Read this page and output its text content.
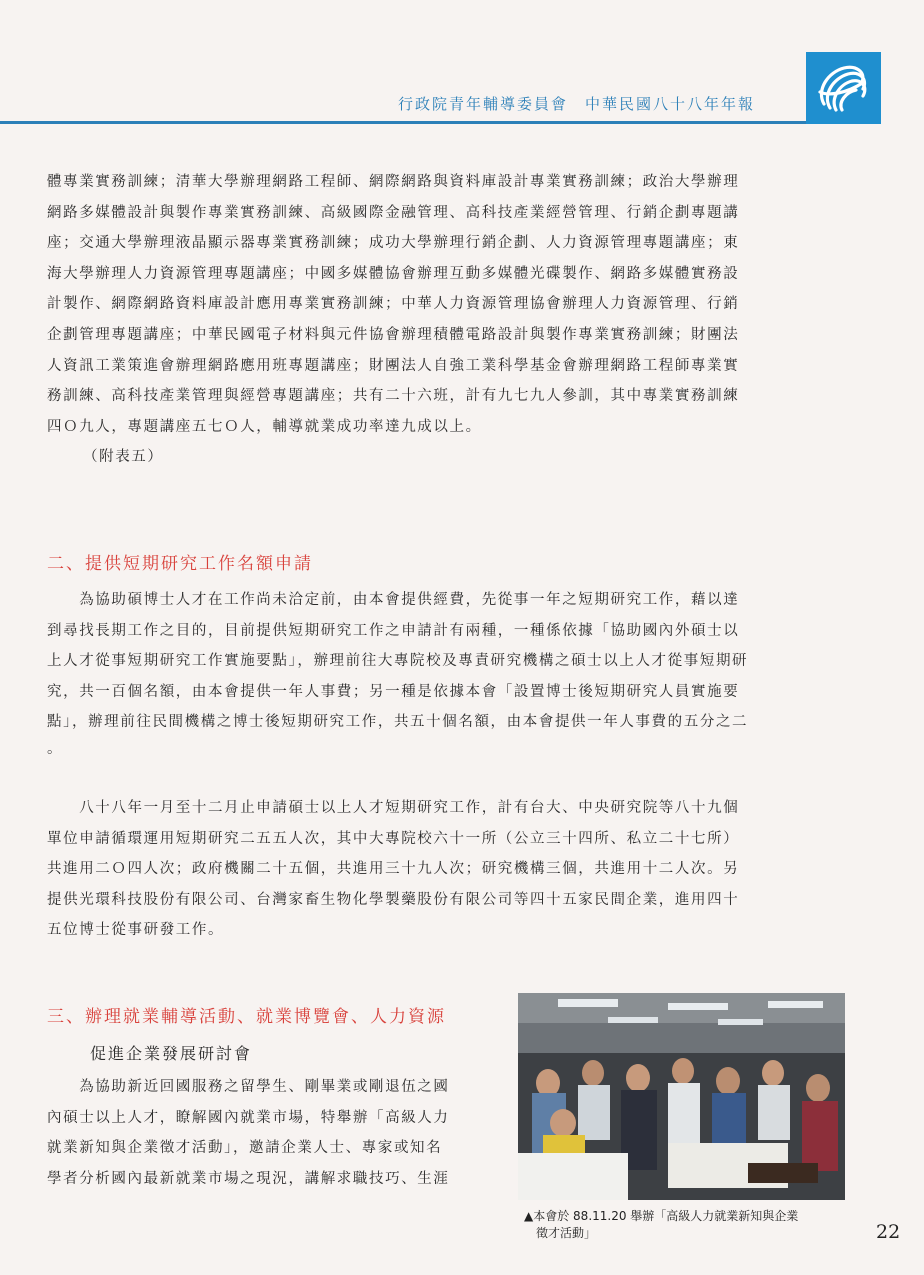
行政院青年輔導委員會　中華民國八十八年年報
體專業實務訓練；清華大學辦理網路工程師、網際網路與資料庫設計專業實務訓練；政治大學辦理
網路多媒體設計與製作專業實務訓練、高級國際金融管理、高科技產業經營管理、行銷企劃專題講
座；交通大學辦理液晶顯示器專業實務訓練；成功大學辦理行銷企劃、人力資源管理專題講座；東
海大學辦理人力資源管理專題講座；中國多媒體協會辦理互動多媒體光碟製作、網路多媒體實務設
計製作、網際網路資料庫設計應用專業實務訓練；中華人力資源管理協會辦理人力資源管理、行銷
企劃管理專題講座；中華民國電子材料與元件協會辦理積體電路設計與製作專業實務訓練；財團法
人資訊工業策進會辦理網路應用班專題講座；財團法人自強工業科學基金會辦理網路工程師專業實
務訓練、高科技產業管理與經營專題講座；共有二十六班，計有九七九人參訓，其中專業實務訓練
四Ｏ九人，專題講座五七Ｏ人，輔導就業成功率達九成以上。
（附表五）
二、提供短期研究工作名額申請
　　為協助碩博士人才在工作尚未洽定前，由本會提供經費，先從事一年之短期研究工作，藉以達
到尋找長期工作之目的，目前提供短期研究工作之申請計有兩種，一種係依據「協助國內外碩士以
上人才從事短期研究工作實施要點」，辦理前往大專院校及專責研究機構之碩士以上人才從事短期研
究，共一百個名額，由本會提供一年人事費；另一種是依據本會「設置博士後短期研究人員實施要
點」，辦理前往民間機構之博士後短期研究工作，共五十個名額，由本會提供一年人事費的五分之二
。
　　八十八年一月至十二月止申請碩士以上人才短期研究工作，計有台大、中央研究院等八十九個
單位申請循環運用短期研究二五五人次，其中大專院校六十一所（公立三十四所、私立二十七所）
共進用二Ｏ四人次；政府機關二十五個，共進用三十九人次；研究機構三個，共進用十二人次。另
提供光環科技股份有限公司、台灣家畜生物化學製藥股份有限公司等四十五家民間企業，進用四十
五位博士從事研發工作。
三、辦理就業輔導活動、就業博覽會、人力資源
促進企業發展研討會
　　為協助新近回國服務之留學生、剛畢業或剛退伍之國
內碩士以上人才，瞭解國內就業市場，特舉辦「高級人力
就業新知與企業徵才活動」，邀請企業人士、專家或知名
學者分析國內最新就業市場之現況，講解求職技巧、生涯
▲本會於 88.11.20 舉辦「高級人力就業新知與企業
徵才活動」	22
